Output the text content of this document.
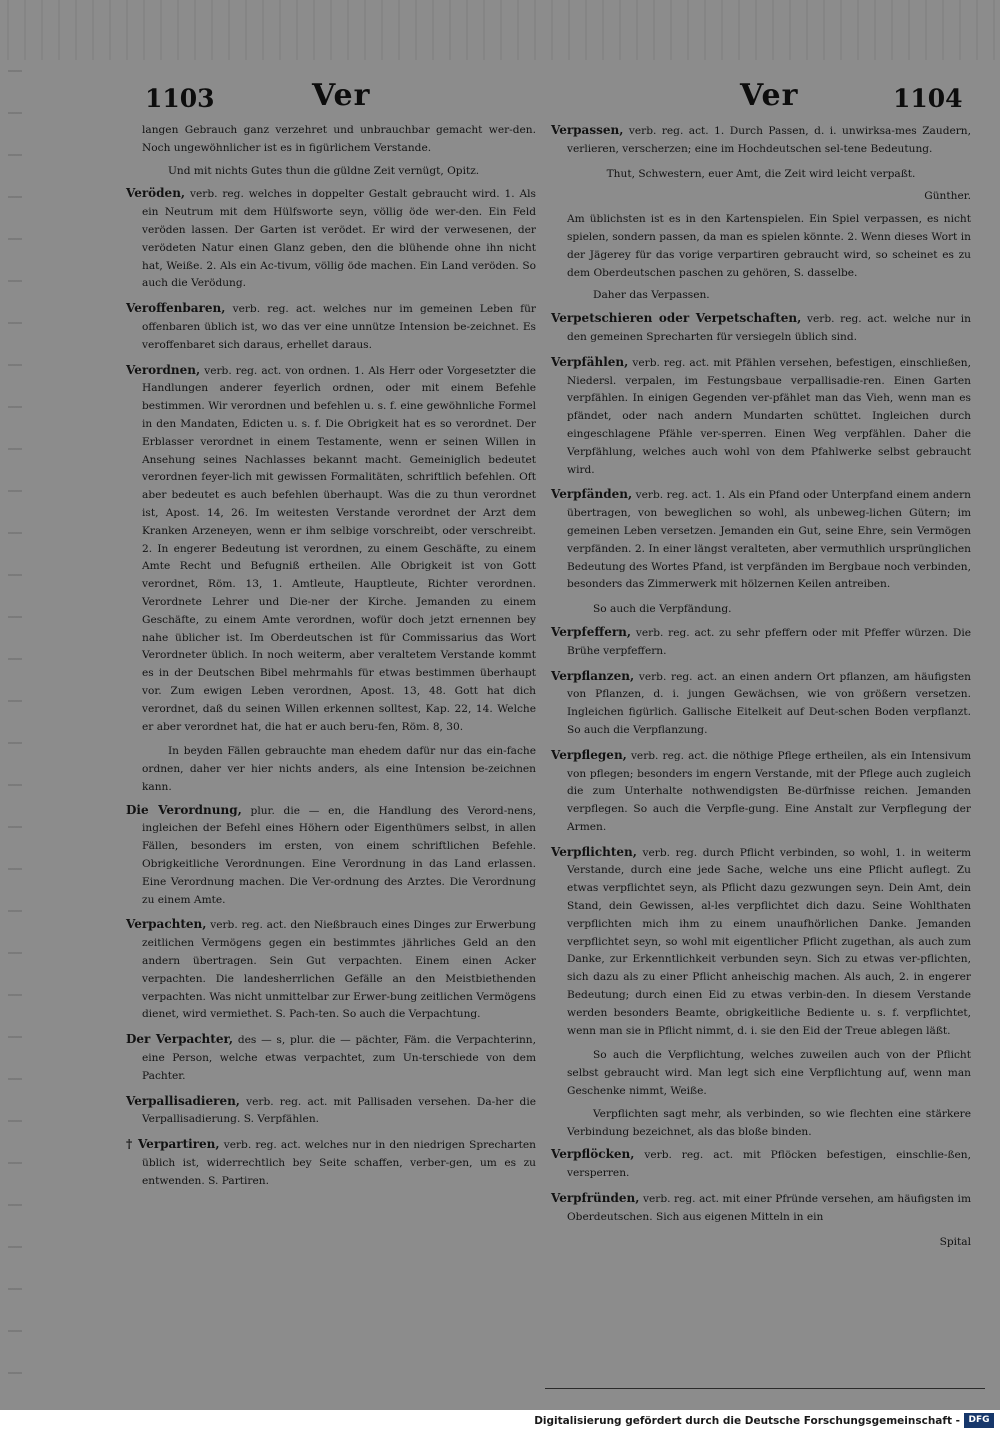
1103	Ver	Ver	1104
langen Gebrauch ganz verzehret und unbrauchbar gemacht wer-den. Noch ungewöhnlicher ist es in figürlichem Verstande.
Und mit nichts Gutes thun die güldne Zeit vernügt, Opitz.
Veröden, verb. reg. welches in doppelter Gestalt gebraucht wird. 1. Als ein Neutrum mit dem Hülfsworte seyn, völlig öde wer-den. Ein Feld veröden lassen. Der Garten ist verödet. Er wird der verwesenen, der verödeten Natur einen Glanz geben, den die blühende ohne ihn nicht hat, Weiße. 2. Als ein Ac-tivum, völlig öde machen. Ein Land veröden. So auch die Verödung.
Veroffenbaren, verb. reg. act. welches nur im gemeinen Leben für offenbaren üblich ist, wo das ver eine unnütze Intension be-zeichnet. Es veroffenbaret sich daraus, erhellet daraus.
Verordnen, verb. reg. act. von ordnen. 1. Als Herr oder Vorgesetzter die Handlungen anderer feyerlich ordnen, oder mit einem Befehle bestimmen. Wir verordnen und befehlen u. s. f. eine gewöhnliche Formel in den Mandaten, Edicten u. s. f. Die Obrigkeit hat es so verordnet. Der Erblasser verordnet in einem Testamente, wenn er seinen Willen in Ansehung seines Nachlasses bekannt macht. Gemeiniglich bedeutet verordnen feyer-lich mit gewissen Formalitäten, schriftlich befehlen. Oft aber bedeutet es auch befehlen überhaupt. Was die zu thun verordnet ist, Apost. 14, 26. Im weitesten Verstande verordnet der Arzt dem Kranken Arzeneyen, wenn er ihm selbige vorschreibt, oder verschreibt. 2. In engerer Bedeutung ist verordnen, zu einem Geschäfte, zu einem Amte Recht und Befugniß ertheilen. Alle Obrigkeit ist von Gott verordnet, Röm. 13, 1. Amtleute, Hauptleute, Richter verordnen. Verordnete Lehrer und Die-ner der Kirche. Jemanden zu einem Geschäfte, zu einem Amte verordnen, wofür doch jetzt ernennen bey nahe üblicher ist. Im Oberdeutschen ist für Commissarius das Wort Verordneter üblich. In noch weiterm, aber veraltetem Verstande kommt es in der Deutschen Bibel mehrmahls für etwas bestimmen überhaupt vor. Zum ewigen Leben verordnen, Apost. 13, 48. Gott hat dich verordnet, daß du seinen Willen erkennen solltest, Kap. 22, 14. Welche er aber verordnet hat, die hat er auch beru-fen, Röm. 8, 30.
In beyden Fällen gebrauchte man ehedem dafür nur das ein-fache ordnen, daher ver hier nichts anders, als eine Intension be-zeichnen kann.
Die Verordnung, plur. die — en, die Handlung des Verord-nens, ingleichen der Befehl eines Höhern oder Eigenthümers selbst, in allen Fällen, besonders im ersten, von einem schriftlichen Befehle. Obrigkeitliche Verordnungen. Eine Verordnung in das Land erlassen. Eine Verordnung machen. Die Ver-ordnung des Arztes. Die Verordnung zu einem Amte.
Verpachten, verb. reg. act. den Nießbrauch eines Dinges zur Erwerbung zeitlichen Vermögens gegen ein bestimmtes jährliches Geld an den andern übertragen. Sein Gut verpachten. Einem einen Acker verpachten. Die landesherrlichen Gefälle an den Meistbiethenden verpachten. Was nicht unmittelbar zur Erwer-bung zeitlichen Vermögens dienet, wird vermiethet. S. Pach-ten. So auch die Verpachtung.
Der Verpachter, des — s, plur. die — pächter, Fäm. die Verpachterinn, eine Person, welche etwas verpachtet, zum Un-terschiede von dem Pachter.
Verpallisadieren, verb. reg. act. mit Pallisaden versehen. Da-her die Verpallisadierung. S. Verpfählen.
† Verpartiren, verb. reg. act. welches nur in den niedrigen Sprecharten üblich ist, widerrechtlich bey Seite schaffen, verber-gen, um es zu entwenden. S. Partiren.
Verpassen, verb. reg. act. 1. Durch Passen, d. i. unwirksa-mes Zaudern, verlieren, verscherzen; eine im Hochdeutschen sel-tene Bedeutung.
Thut, Schwestern, euer Amt, die Zeit wird leicht verpaßt.
Günther.
Am üblichsten ist es in den Kartenspielen. Ein Spiel verpassen, es nicht spielen, sondern passen, da man es spielen könnte. 2. Wenn dieses Wort in der Jägerey für das vorige verpartiren gebraucht wird, so scheinet es zu dem Oberdeutschen paschen zu gehören, S. dasselbe.
Daher das Verpassen.
Verpetschieren oder Verpetschaften, verb. reg. act. welche nur in den gemeinen Sprecharten für versiegeln üblich sind.
Verpfählen, verb. reg. act. mit Pfählen versehen, befestigen, einschließen, Niedersl. verpalen, im Festungsbaue verpallisadie-ren. Einen Garten verpfählen. In einigen Gegenden ver-pfählet man das Vieh, wenn man es pfändet, oder nach andern Mundarten schüttet. Ingleichen durch eingeschlagene Pfähle ver-sperren. Einen Weg verpfählen. Daher die Verpfählung, welches auch wohl von dem Pfahlwerke selbst gebraucht wird.
Verpfänden, verb. reg. act. 1. Als ein Pfand oder Unterpfand einem andern übertragen, von beweglichen so wohl, als unbeweg-lichen Gütern; im gemeinen Leben versetzen. Jemanden ein Gut, seine Ehre, sein Vermögen verpfänden. 2. In einer längst veralteten, aber vermuthlich ursprünglichen Bedeutung des Wortes Pfand, ist verpfänden im Bergbaue noch verbinden, besonders das Zimmerwerk mit hölzernen Keilen antreiben.
So auch die Verpfändung.
Verpfeffern, verb. reg. act. zu sehr pfeffern oder mit Pfeffer würzen. Die Brühe verpfeffern.
Verpflanzen, verb. reg. act. an einen andern Ort pflanzen, am häufigsten von Pflanzen, d. i. jungen Gewächsen, wie von größern versetzen. Ingleichen figürlich. Gallische Eitelkeit auf Deut-schen Boden verpflanzt. So auch die Verpflanzung.
Verpflegen, verb. reg. act. die nöthige Pflege ertheilen, als ein Intensivum von pflegen; besonders im engern Verstande, mit der Pflege auch zugleich die zum Unterhalte nothwendigsten Be-dürfnisse reichen. Jemanden verpflegen. So auch die Verpfle-gung. Eine Anstalt zur Verpflegung der Armen.
Verpflichten, verb. reg. durch Pflicht verbinden, so wohl, 1. in weiterm Verstande, durch eine jede Sache, welche uns eine Pflicht auflegt. Zu etwas verpflichtet seyn, als Pflicht dazu gezwungen seyn. Dein Amt, dein Stand, dein Gewissen, al-les verpflichtet dich dazu. Seine Wohlthaten verpflichten mich ihm zu einem unaufhörlichen Danke. Jemanden verpflichtet seyn, so wohl mit eigentlicher Pflicht zugethan, als auch zum Danke, zur Erkenntlichkeit verbunden seyn. Sich zu etwas ver-pflichten, sich dazu als zu einer Pflicht anheischig machen. Als auch, 2. in engerer Bedeutung; durch einen Eid zu etwas verbin-den. In diesem Verstande werden besonders Beamte, obrigkeitliche Bediente u. s. f. verpflichtet, wenn man sie in Pflicht nimmt, d. i. sie den Eid der Treue ablegen läßt.
So auch die Verpflichtung, welches zuweilen auch von der Pflicht selbst gebraucht wird. Man legt sich eine Verpflichtung auf, wenn man Geschenke nimmt, Weiße.
Verpflichten sagt mehr, als verbinden, so wie flechten eine stärkere Verbindung bezeichnet, als das bloße binden.
Verpflöcken, verb. reg. act. mit Pflöcken befestigen, einschlie-ßen, versperren.
Verpfründen, verb. reg. act. mit einer Pfründe versehen, am häufigsten im Oberdeutschen. Sich aus eigenen Mitteln in ein
Spital
Digitalisierung gefördert durch die Deutsche Forschungsgemeinschaft - DFG
